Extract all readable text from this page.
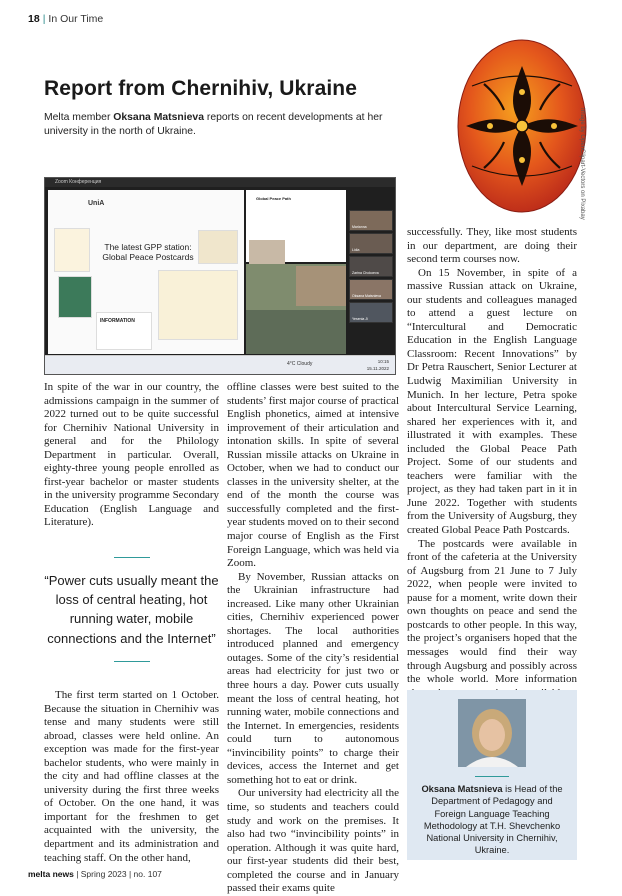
18 | In Our Time
Report from Chernihiv, Ukraine

Melta member Oksana Matsnieva reports on recent developments at her university in the north of Ukraine.	Image by OpenClipart-Vectors on Pixabay
Zoom Конференция
UniA
The latest GPP station: Global Peace Postcards
INFORMATION
Global Peace Path
Marianna
Lidia
Zarina Chokoeva
Oksana Matsnieva
Yesenia Ji
4°C Cloudy	10:15
15.11.2022

In spite of the war in our country, the admissions campaign in the summer of 2022 turned out to be quite successful for Chernihiv National University in general and for the Philology Department in particular. Overall, eighty-three young people enrolled as first-year bachelor or master students in the university programme Secondary Education (English Language and Literature).

“Power cuts usually meant the loss of central heating, hot running water, mobile connections and the Internet”

The first term started on 1 October. Because the situation in Chernihiv was tense and many students were still abroad, classes were held online. An exception was made for the first-year bachelor students, who were mainly in the city and had offline classes at the university during the first three weeks of October. On the one hand, it was important for the freshmen to get acquainted with the university, the department and its administration and teaching staff. On the other hand,

offline classes were best suited to the students’ first major course of practical English phonetics, aimed at intensive improvement of their articulation and intonation skills. In spite of several Russian missile attacks on Ukraine in October, when we had to conduct our classes in the university shelter, at the end of the month the course was successfully completed and the first-year students moved on to their second major course of English as the First Foreign Language, which was held via Zoom.

By November, Russian attacks on the Ukrainian infrastructure had increased. Like many other Ukrainian cities, Chernihiv experienced power shortages. The local authorities introduced planned and emergency outages. Some of the city’s residential areas had electricity for just two or three hours a day. Power cuts usually meant the loss of central heating, hot running water, mobile connections and the Internet. In emergencies, residents could turn to autonomous “invincibility points” to charge their devices, access the Internet and get something hot to eat or drink.

Our university had electricity all the time, so students and teachers could study and work on the premises. It also had two “invincibility points” in operation. Although it was quite hard, our first-year students did their best, completed the course and in January passed their exams quite

successfully. They, like most students in our department, are doing their second term courses now.

On 15 November, in spite of a massive Russian attack on Ukraine, our students and colleagues managed to attend a guest lecture on “Intercultural and Democratic Education in the English Language Classroom: Recent Innovations” by Dr Petra Rauschert, Senior Lecturer at Ludwig Maximilian University in Munich. In her lecture, Petra spoke about Intercultural Service Learning, shared her experiences with it, and illustrated it with examples. These included the Global Peace Path Project. Some of our students and teachers were familiar with the project, as they had taken part in it in June 2022. Together with students from the University of Augsburg, they created Global Peace Path Postcards.

The postcards were available in front of the cafeteria at the University of Augsburg from 21 June to 7 July 2022, when people were invited to pause for a moment, write down their own thoughts on peace and send the postcards to other people. In this way, the project’s organisers hoped that the messages would find their way through Augsburg and possibly across the whole world. More information

Oksana Matsnieva is Head of the Department of Pedagogy and Foreign Language Teaching Methodology at T.H. Shevchenko National University in Chernihiv, Ukraine.

melta news | Spring 2023 | no. 107
